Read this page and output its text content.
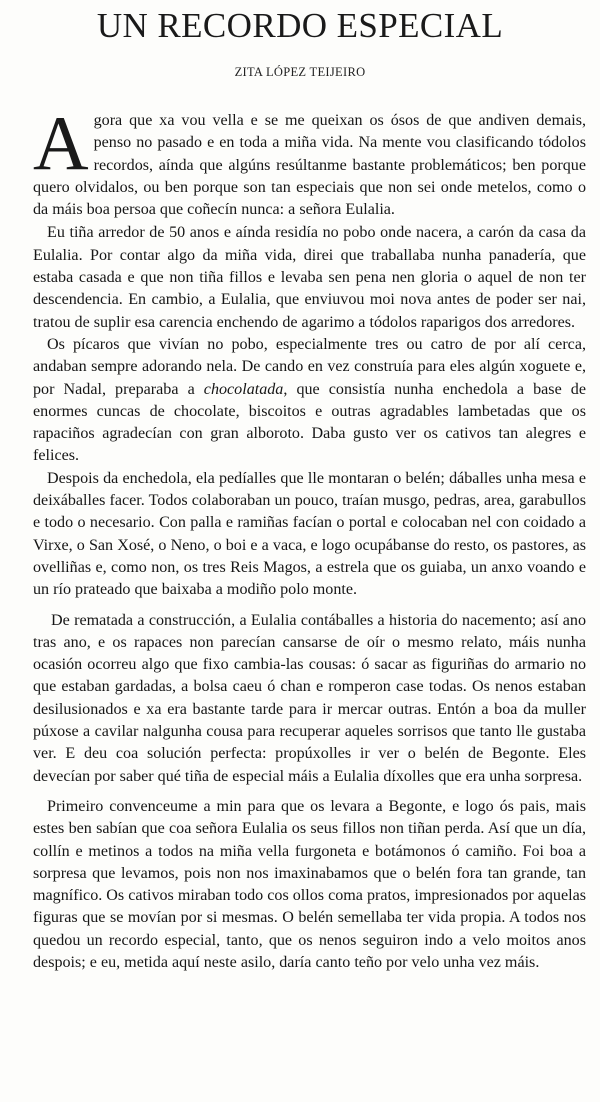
UN RECORDO ESPECIAL
ZITA LÓPEZ TEIJEIRO

Agora que xa vou vella e se me queixan os ósos de que andiven demais, penso no pasado e en toda a miña vida. Na mente vou clasificando tódolos recordos, aínda que algúns resúltanme bastante problemáticos; ben porque quero olvidalos, ou ben porque son tan especiais que non sei onde metelos, como o da máis boa persoa que coñecín nunca: a señora Eulalia.

Eu tiña arredor de 50 anos e aínda residía no pobo onde nacera, a carón da casa da Eulalia. Por contar algo da miña vida, direi que traballaba nunha panadería, que estaba casada e que non tiña fillos e levaba sen pena nen gloria o aquel de non ter descendencia. En cambio, a Eulalia, que enviuvou moi nova antes de poder ser nai, tratou de suplir esa carencia enchendo de agarimo a tódolos raparigos dos arredores.

Os pícaros que vivían no pobo, especialmente tres ou catro de por alí cerca, andaban sempre adorando nela. De cando en vez construía para eles algún xoguete e, por Nadal, preparaba a chocolatada, que consistía nunha enchedola a base de enormes cuncas de chocolate, biscoitos e outras agradables lambetadas que os rapaciños agradecían con gran alboroto. Daba gusto ver os cativos tan alegres e felices.

Despois da enchedola, ela pedíalles que lle montaran o belén; dáballes unha mesa e deixáballes facer. Todos colaboraban un pouco, traían musgo, pedras, area, garabullos e todo o necesario. Con palla e ramiñas facían o portal e colocaban nel con coidado a Virxe, o San Xosé, o Neno, o boi e a vaca, e logo ocupábanse do resto, os pastores, as ovelliñas e, como non, os tres Reis Magos, a estrela que os guiaba, un anxo voando e un río prateado que baixaba a modiño polo monte.

De rematada a construcción, a Eulalia contáballes a historia do nacemento; así ano tras ano, e os rapaces non parecían cansarse de oír o mesmo relato, máis nunha ocasión ocorreu algo que fixo cambia-las cousas: ó sacar as figuriñas do armario no que estaban gardadas, a bolsa caeu ó chan e romperon case todas. Os nenos estaban desilusionados e xa era bastante tarde para ir mercar outras. Entón a boa da muller púxose a cavilar nalgunha cousa para recuperar aqueles sorrisos que tanto lle gustaba ver. E deu coa solución perfecta: propúxolles ir ver o belén de Begonte. Eles devecían por saber qué tiña de especial máis a Eulalia díxolles que era unha sorpresa.

Primeiro convenceume a min para que os levara a Begonte, e logo ós pais, mais estes ben sabían que coa señora Eulalia os seus fillos non tiñan perda. Así que un día, collín e metinos a todos na miña vella furgoneta e botámonos ó camiño. Foi boa a sorpresa que levamos, pois non nos imaxinabamos que o belén fora tan grande, tan magnífico. Os cativos miraban todo cos ollos coma pratos, impresionados por aquelas figuras que se movían por si mesmas. O belén semellaba ter vida propia. A todos nos quedou un recordo especial, tanto, que os nenos seguiron indo a velo moitos anos despois; e eu, metida aquí neste asilo, daría canto teño por velo unha vez máis.
